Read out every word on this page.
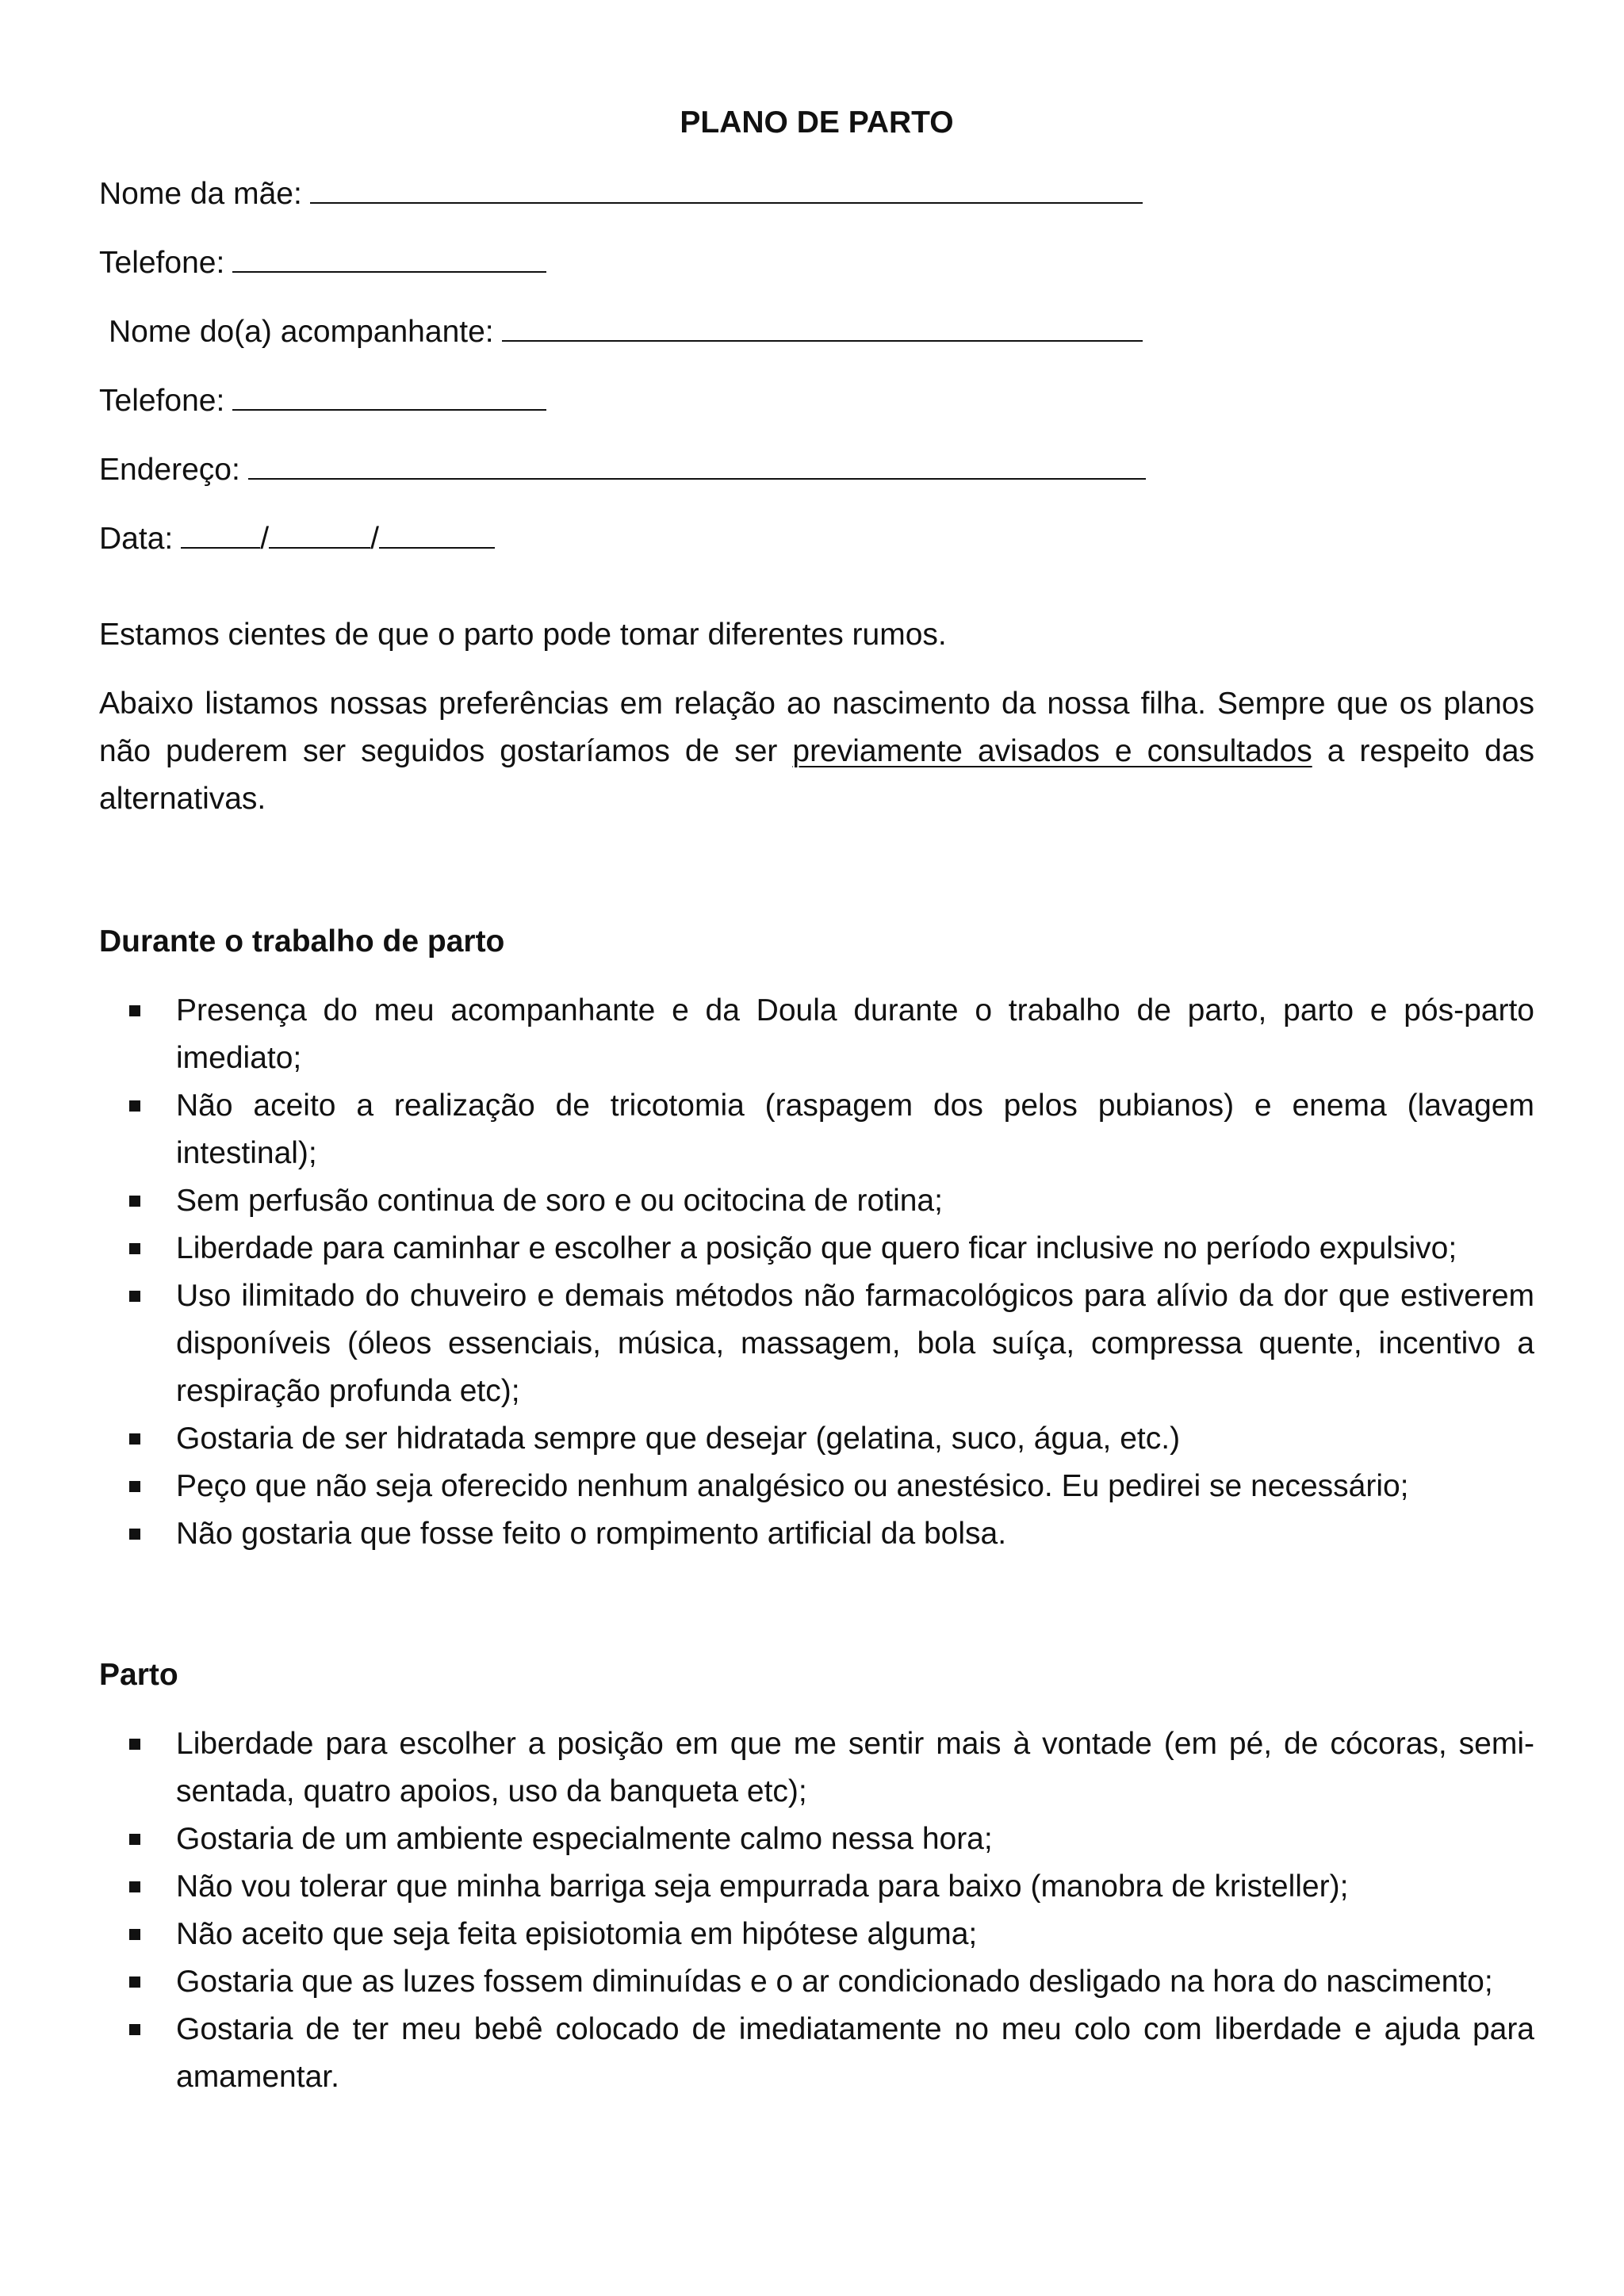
PLANO DE PARTO
Nome da mãe:
Telefone:
Nome do(a) acompanhante:
Telefone:
Endereço:
Data:	/	/

Estamos cientes de que o parto pode tomar diferentes rumos.

Abaixo listamos nossas preferências em relação ao nascimento da nossa filha. Sempre que os planos não puderem ser seguidos gostaríamos de ser previamente avisados e consultados a respeito das alternativas.

Durante o trabalho de parto
Presença do meu acompanhante e da Doula durante o trabalho de parto, parto e pós-parto imediato;
Não aceito a realização de tricotomia (raspagem dos pelos pubianos) e enema (lavagem intestinal);
Sem perfusão continua de soro e ou ocitocina de rotina;
Liberdade para caminhar e escolher a posição que quero ficar inclusive no período expulsivo;
Uso ilimitado do chuveiro e demais métodos não farmacológicos para alívio da dor que estiverem disponíveis (óleos essenciais, música, massagem, bola suíça, compressa quente, incentivo a respiração profunda etc);
Gostaria de ser hidratada sempre que desejar (gelatina, suco, água, etc.)
Peço que não seja oferecido nenhum analgésico ou anestésico. Eu pedirei se necessário;
Não gostaria que fosse feito o rompimento artificial da bolsa.
Parto
Liberdade para escolher a posição em que me sentir mais à vontade (em pé, de cócoras, semi-sentada, quatro apoios, uso da banqueta etc);
Gostaria de um ambiente especialmente calmo nessa hora;
Não vou tolerar que minha barriga seja empurrada para baixo (manobra de kristeller);
Não aceito que seja feita episiotomia em hipótese alguma;
Gostaria que as luzes fossem diminuídas e o ar condicionado desligado na hora do nascimento;
Gostaria de ter meu bebê colocado de imediatamente no meu colo com liberdade e ajuda para amamentar.
